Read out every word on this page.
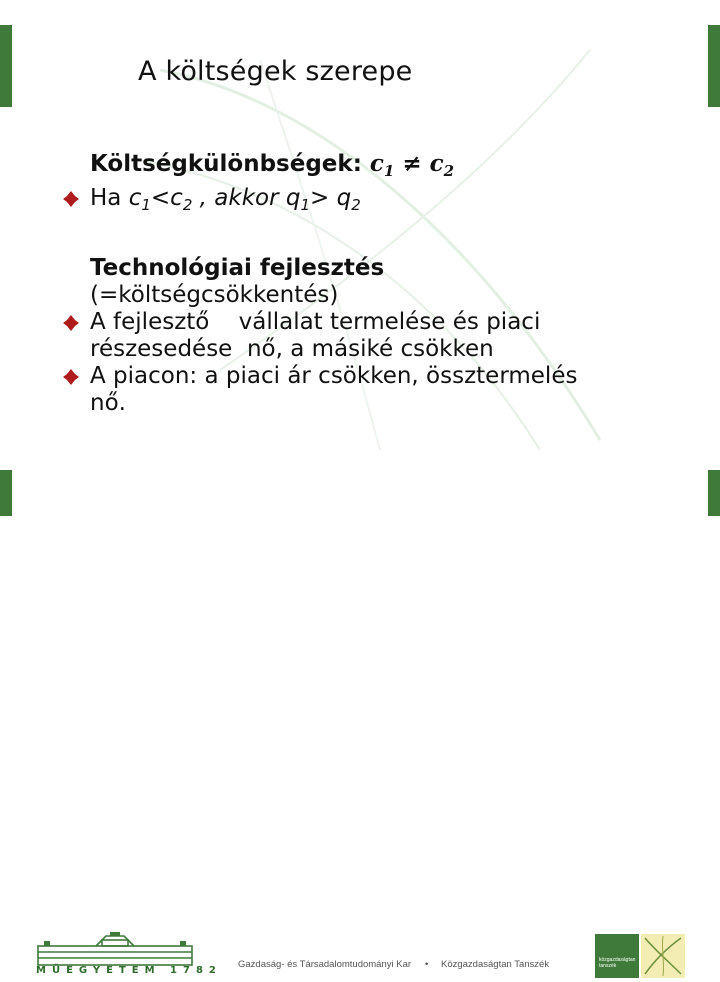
A költségek szerepe
Költségkülönbségek: $c_1 \ne c_2$
Ha $c_1<c_2$ , akkor $q_1> q_2$
Technológiai fejlesztés
(=költségcsökkentés)
A fejlesztő    vállalat termelése és piaci
részesedése  nő, a másiké csökken
A piacon: a piaci ár csökken, össztermelés
nő.
MŰEGYETEM 1782
Gazdaság- és Társadalomtudományi Kar • Közgazdaságtan Tanszék	közgazdaságtan tanszék
